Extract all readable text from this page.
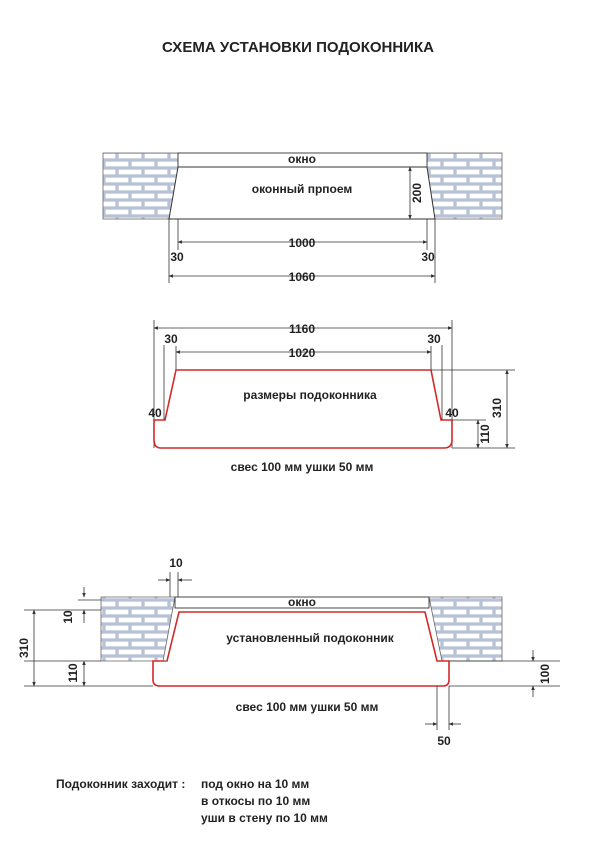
СХЕМА УСТАНОВКИ ПОДОКОННИКА
окно
оконный прпоем	200
1000
30	30
1060
1160
30	30
1020
размеры подоконника
40	40	310
110
свес 100 мм ушки 50 мм
10
окно
установленный подоконник
310
10
110	100
50
свес 100 мм ушки 50 мм
Подоконник заходит : под окно на 10 мм
в откосы по 10 мм
уши в стену по 10 мм
